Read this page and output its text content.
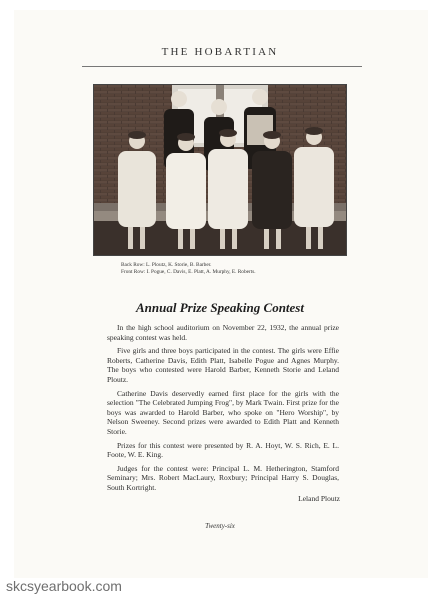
THE HOBARTIAN
Back Row: L. Ploutz, K. Storie, B. Barber.
Front Row: I. Pogue, C. Davis, E. Platt, A. Murphy, E. Roberts.
Annual Prize Speaking Contest

In the high school auditorium on November 22, 1932, the annual prize speaking contest was held.

Five girls and three boys participated in the contest. The girls were Effie Roberts, Catherine Davis, Edith Platt, Isabelle Pogue and Agnes Murphy. The boys who contested were Harold Barber, Kenneth Storie and Leland Ploutz.

Catherine Davis deservedly earned first place for the girls with the selection "The Celebrated Jumping Frog", by Mark Twain. First prize for the boys was awarded to Harold Barber, who spoke on "Hero Worship", by Nelson Sweeney. Second prizes were awarded to Edith Platt and Kenneth Storie.

Prizes for this contest were presented by R. A. Hoyt, W. S. Rich, E. L. Foote, W. E. King.

Judges for the contest were: Principal L. M. Hetherington, Stamford Seminary; Mrs. Robert MacLaury, Roxbury; Principal Harry S. Douglas, South Kortright.

Leland Ploutz
Twenty-six
skcsyearbook.com
